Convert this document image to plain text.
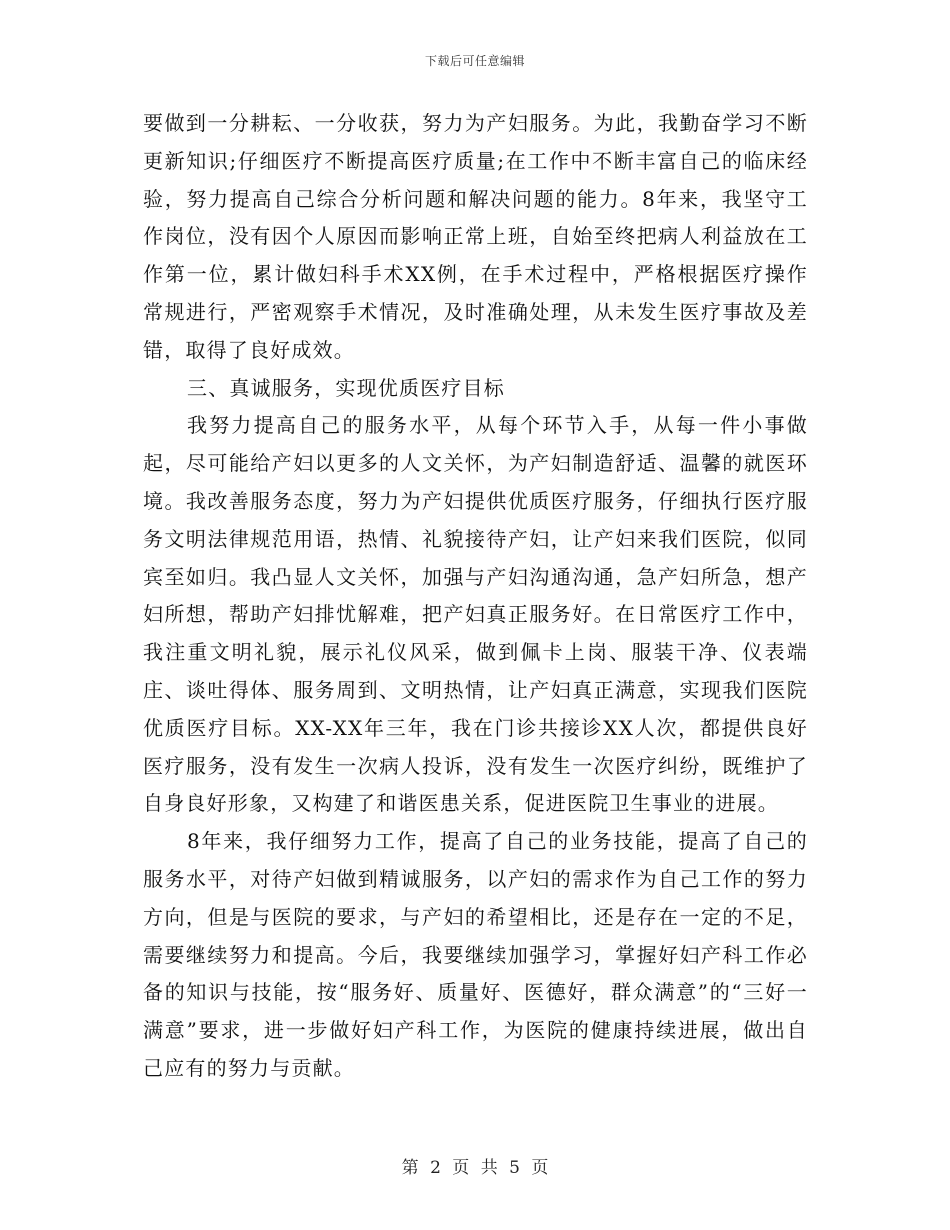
下载后可任意编辑

要做到一分耕耘、一分收获，努力为产妇服务。为此，我勤奋学习不断更新知识;仔细医疗不断提高医疗质量;在工作中不断丰富自己的临床经验，努力提高自己综合分析问题和解决问题的能力。8年来，我坚守工作岗位，没有因个人原因而影响正常上班，自始至终把病人利益放在工作第一位，累计做妇科手术XX例，在手术过程中，严格根据医疗操作常规进行，严密观察手术情况，及时准确处理，从未发生医疗事故及差错，取得了良好成效。

三、真诚服务，实现优质医疗目标

我努力提高自己的服务水平，从每个环节入手，从每一件小事做起，尽可能给产妇以更多的人文关怀，为产妇制造舒适、温馨的就医环境。我改善服务态度，努力为产妇提供优质医疗服务，仔细执行医疗服务文明法律规范用语，热情、礼貌接待产妇，让产妇来我们医院，似同宾至如归。我凸显人文关怀，加强与产妇沟通沟通，急产妇所急，想产妇所想，帮助产妇排忧解难，把产妇真正服务好。在日常医疗工作中，我注重文明礼貌，展示礼仪风采，做到佩卡上岗、服装干净、仪表端庄、谈吐得体、服务周到、文明热情，让产妇真正满意，实现我们医院优质医疗目标。XX-XX年三年，我在门诊共接诊XX人次，都提供良好医疗服务，没有发生一次病人投诉，没有发生一次医疗纠纷，既维护了自身良好形象，又构建了和谐医患关系，促进医院卫生事业的进展。

8年来，我仔细努力工作，提高了自己的业务技能，提高了自己的服务水平，对待产妇做到精诚服务，以产妇的需求作为自己工作的努力方向，但是与医院的要求，与产妇的希望相比，还是存在一定的不足，需要继续努力和提高。今后，我要继续加强学习，掌握好妇产科工作必备的知识与技能，按“服务好、质量好、医德好，群众满意”的“三好一满意”要求，进一步做好妇产科工作，为医院的健康持续进展，做出自己应有的努力与贡献。

第 2 页 共 5 页
